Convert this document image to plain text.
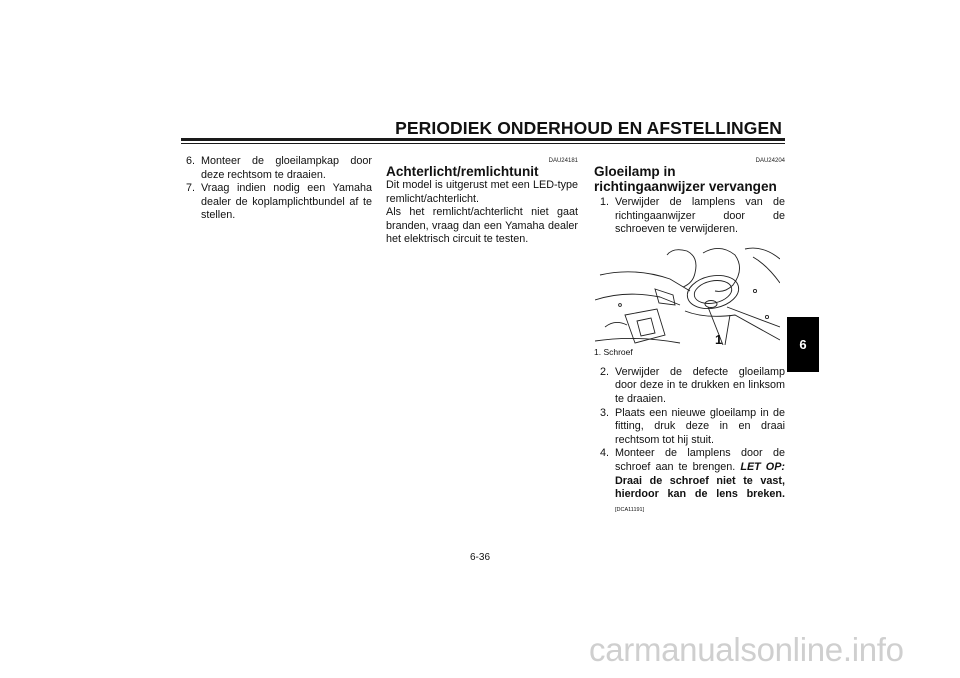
PERIODIEK ONDERHOUD EN AFSTELLINGEN
6. Monteer de gloeilampkap door deze rechtsom te draaien.
7. Vraag indien nodig een Yamaha dealer de koplamplichtbundel af te stellen.
DAU24181
Achterlicht/remlichtunit
Dit model is uitgerust met een LED-type remlicht/achterlicht.
Als het remlicht/achterlicht niet gaat branden, vraag dan een Yamaha dealer het elektrisch circuit te testen.
DAU24204
Gloeilamp in richtingaanwijzer vervangen
1. Verwijder de lamplens van de richtingaanwijzer door de schroeven te verwijderen.
1
1. Schroef
2. Verwijder de defecte gloeilamp door deze in te drukken en linksom te draaien.
3. Plaats een nieuwe gloeilamp in de fitting, druk deze in en draai rechtsom tot hij stuit.
4. Monteer de lamplens door de schroef aan te brengen. LET OP: Draai de schroef niet te vast, hierdoor kan de lens breken. [DCA11191]
6
6-36
carmanualsonline.info
